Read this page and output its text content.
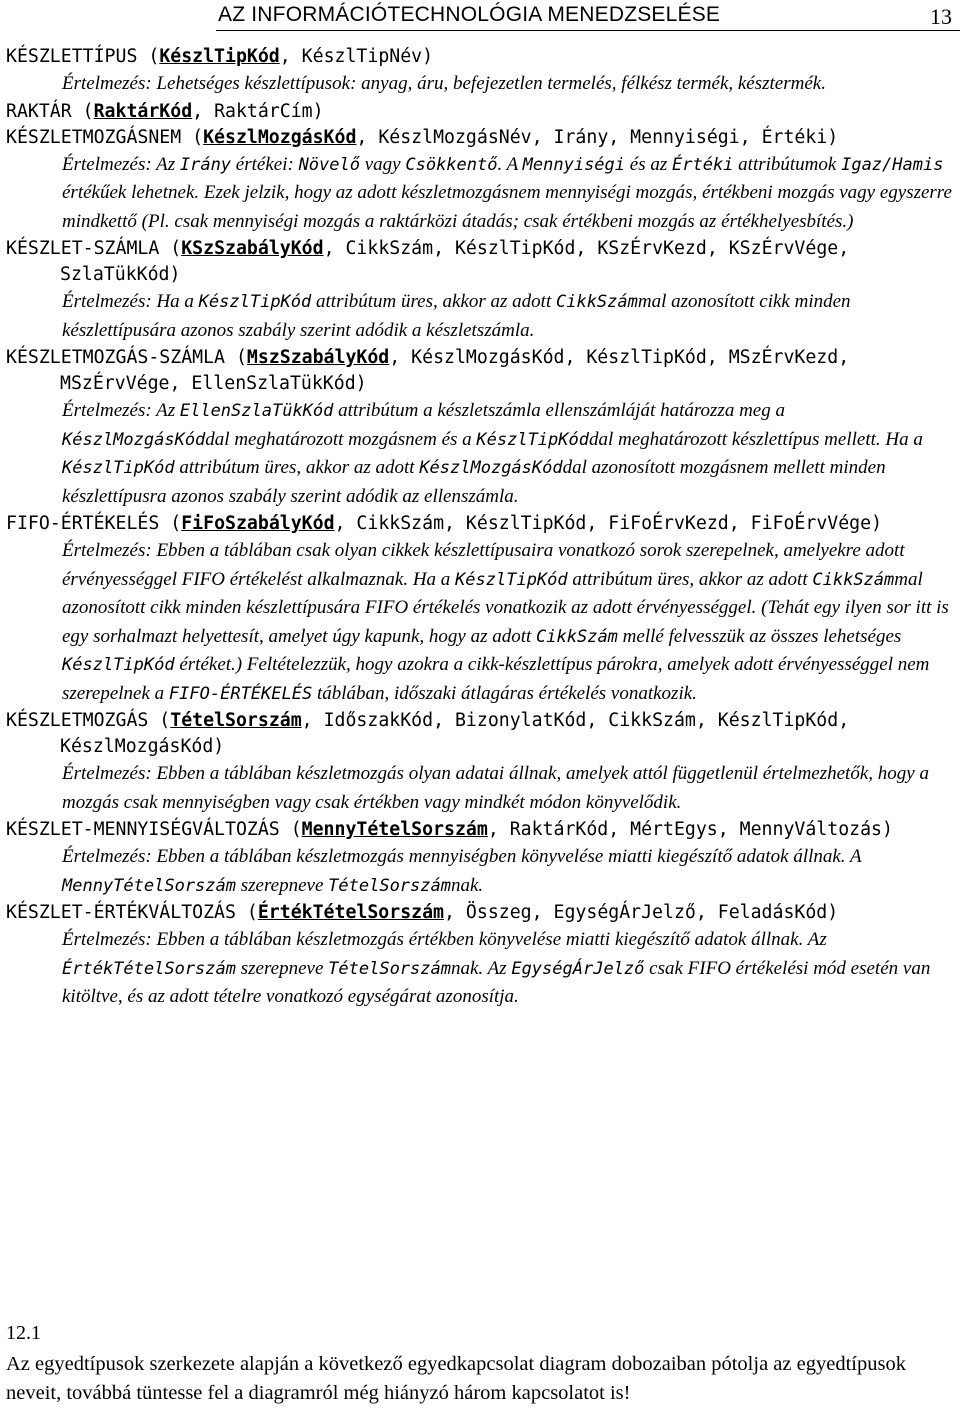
AZ INFORMÁCIÓTECHNOLÓGIA MENEDZSELÉSE	13

KÉSZLETTÍPUS (KészlTipKód, KészlTipNév)

Értelmezés: Lehetséges készlettípusok: anyag, áru, befejezetlen termelés, félkész termék, késztermék.

RAKTÁR (RaktárKód, RaktárCím)

KÉSZLETMOZGÁSNEM (KészlMozgásKód, KészlMozgásNév, Irány, Mennyiségi, Értéki)

Értelmezés: Az Irány értékei: Növelő vagy Csökkentő. A Mennyiségi és az Értéki attribútumok Igaz/Hamis értékűek lehetnek. Ezek jelzik, hogy az adott készletmozgásnem mennyiségi mozgás, értékbeni mozgás vagy egyszerre mindkettő (Pl. csak mennyiségi mozgás a raktárközi átadás; csak értékbeni mozgás az értékhelyesbítés.)

KÉSZLET-SZÁMLA (KSzSzabályKód, CikkSzám, KészlTipKód, KSzÉrvKezd, KSzÉrvVége, SzlaTükKód)

Értelmezés: Ha a KészlTipKód attribútum üres, akkor az adott CikkSzámmal azonosított cikk minden készlettípusára azonos szabály szerint adódik a készletszámla.

KÉSZLETMOZGÁS-SZÁMLA (MszSzabályKód, KészlMozgásKód, KészlTipKód, MSzÉrvKezd, MSzÉrvVége, EllenSzlaTükKód)

Értelmezés: Az EllenSzlaTükKód attribútum a készletszámla ellenszámláját határozza meg a KészlMozgásKóddal meghatározott mozgásnem és a KészlTipKóddal meghatározott készlettípus mellett. Ha a KészlTipKód attribútum üres, akkor az adott KészlMozgásKóddal azonosított mozgásnem mellett minden készlettípusra azonos szabály szerint adódik az ellenszámla.

FIFO-ÉRTÉKELÉS (FiFoSzabályKód, CikkSzám, KészlTipKód, FiFoÉrvKezd, FiFoÉrvVége)

Értelmezés: Ebben a táblában csak olyan cikkek készlettípusaira vonatkozó sorok szerepelnek, amelyekre adott érvényességgel FIFO értékelést alkalmaznak. Ha a KészlTipKód attribútum üres, akkor az adott CikkSzámmal azonosított cikk minden készlettípusára FIFO értékelés vonatkozik az adott érvényességgel. (Tehát egy ilyen sor itt is egy sorhalmazt helyettesít, amelyet úgy kapunk, hogy az adott CikkSzám mellé felvesszük az összes lehetséges KészlTipKód értéket.) Feltételezzük, hogy azokra a cikk-készlettípus párokra, amelyek adott érvényességgel nem szerepelnek a FIFO-ÉRTÉKELÉS táblában, időszaki átlagáras értékelés vonatkozik.

KÉSZLETMOZGÁS (TételSorszám, IdőszakKód, BizonylatKód, CikkSzám, KészlTipKód, KészlMozgásKód)

Értelmezés: Ebben a táblában készletmozgás olyan adatai állnak, amelyek attól függetlenül értelmezhetők, hogy a mozgás csak mennyiségben vagy csak értékben vagy mindkét módon könyvelődik.

KÉSZLET-MENNYISÉGVÁLTOZÁS (MennyTételSorszám, RaktárKód, MértEgys, MennyVáltozás)

Értelmezés: Ebben a táblában készletmozgás mennyiségben könyvelése miatti kiegészítő adatok állnak. A MennyTételSorszám szerepneve TételSorszámnak.

KÉSZLET-ÉRTÉKVÁLTOZÁS (ÉrtékTételSorszám, Összeg, EgységÁrJelző, FeladásKód)

Értelmezés: Ebben a táblában készletmozgás értékben könyvelése miatti kiegészítő adatok állnak. Az ÉrtékTételSorszám szerepneve TételSorszámnak. Az EgységÁrJelző csak FIFO értékelési mód esetén van kitöltve, és az adott tételre vonatkozó egységárat azonosítja.

12.1
Az egyedtípusok szerkezete alapján a következő egyedkapcsolat diagram dobozaiban pótolja az egyedtípusok neveit, továbbá tüntesse fel a diagramról még hiányzó három kapcsolatot is!
